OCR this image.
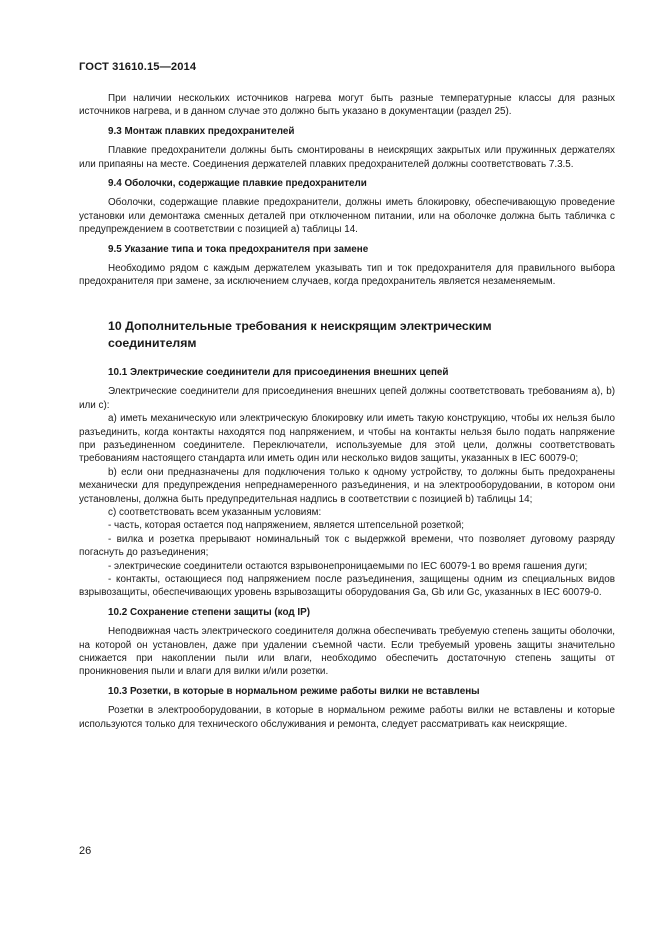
ГОСТ 31610.15—2014

При наличии нескольких источников нагрева могут быть разные температурные классы для разных источников нагрева, и в данном случае это должно быть указано в документации (раздел 25).

9.3 Монтаж плавких предохранителей

Плавкие предохранители должны быть смонтированы в неискрящих закрытых или пружинных держателях или припаяны на месте. Соединения держателей плавких предохранителей должны соответствовать 7.3.5.

9.4 Оболочки, содержащие плавкие предохранители

Оболочки, содержащие плавкие предохранители, должны иметь блокировку, обеспечивающую проведение установки или демонтажа сменных деталей при отключенном питании, или на оболочке должна быть табличка с предупреждением в соответствии с позицией а) таблицы 14.

9.5 Указание типа и тока предохранителя при замене

Необходимо рядом с каждым держателем указывать тип и ток предохранителя для правильного выбора предохранителя при замене, за исключением случаев, когда предохранитель является незаменяемым.

10 Дополнительные требования к неискрящим электрическим
соединителям
10.1 Электрические соединители для присоединения внешних цепей

Электрические соединители для присоединения внешних цепей должны соответствовать требованиям а), b) или с):

а) иметь механическую или электрическую блокировку или иметь такую конструкцию, чтобы их нельзя было разъединить, когда контакты находятся под напряжением, и чтобы на контакты нельзя было подать напряжение при разъединенном соединителе. Переключатели, используемые для этой цели, должны соответствовать требованиям настоящего стандарта или иметь один или несколько видов защиты, указанных в IEC 60079-0;

b) если они предназначены для подключения только к одному устройству, то должны быть предохранены механически для предупреждения непреднамеренного разъединения, и на электрооборудовании, в котором они установлены, должна быть предупредительная надпись в соответствии с позицией b) таблицы 14;

с) соответствовать всем указанным условиям:

- часть, которая остается под напряжением, является штепсельной розеткой;

- вилка и розетка прерывают номинальный ток с выдержкой времени, что позволяет дуговому разряду погаснуть до разъединения;

- электрические соединители остаются взрывонепроницаемыми по IEC 60079-1 во время гашения дуги;

- контакты, остающиеся под напряжением после разъединения, защищены одним из специальных видов взрывозащиты, обеспечивающих уровень взрывозащиты оборудования Ga, Gb или Gc, указанных в IEC 60079-0.

10.2 Сохранение степени защиты (код IP)

Неподвижная часть электрического соединителя должна обеспечивать требуемую степень защиты оболочки, на которой он установлен, даже при удалении съемной части. Если требуемый уровень защиты значительно снижается при накоплении пыли или влаги, необходимо обеспечить достаточную степень защиты от проникновения пыли и влаги для вилки и/или розетки.

10.3 Розетки, в которые в нормальном режиме работы вилки не вставлены

Розетки в электрооборудовании, в которые в нормальном режиме работы вилки не вставлены и которые используются только для технического обслуживания и ремонта, следует рассматривать как неискрящие.

26
